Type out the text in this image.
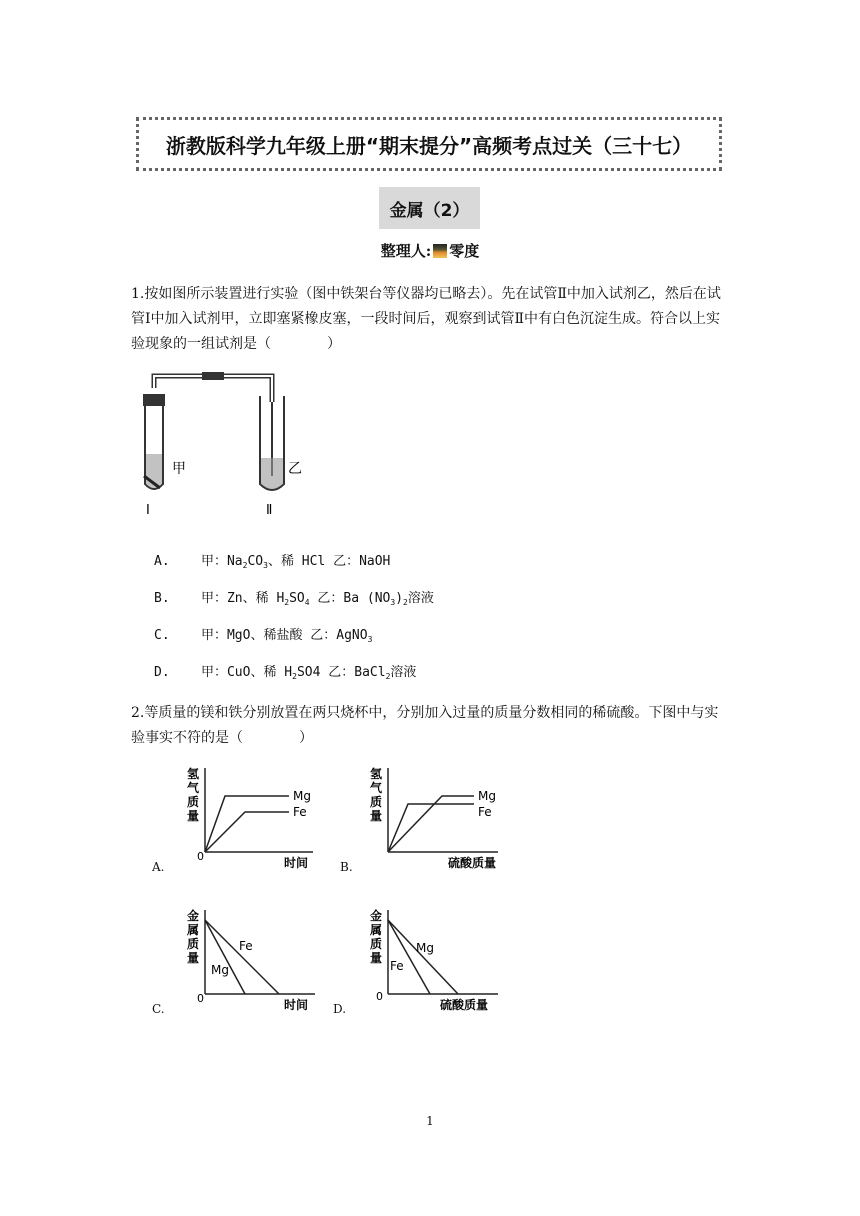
浙教版科学九年级上册“期末提分”高频考点过关（三十七）
金属（2）
整理人: 零度
1.按如图所示装置进行实验（图中铁架台等仪器均已略去）。先在试管Ⅱ中加入试剂乙，然后在试管Ⅰ中加入试剂甲，立即塞紧橡皮塞，一段时间后，观察到试管Ⅱ中有白色沉淀生成。符合以上实验现象的一组试剂是（　　　　）
甲	乙
Ⅰ	Ⅱ
A.    甲：$Na_2CO_3$、稀 HCl 乙：NaOH
B.    甲：Zn、稀 $H_2SO_4$ 乙：Ba $(NO_3)_2$溶液
C.    甲：MgO、稀盐酸 乙：AgNO$_3$
D.    甲：CuO、稀 $H_2SO4$ 乙：BaCl$_2$溶液
2.等质量的镁和铁分别放置在两只烧杯中，分别加入过量的质量分数相同的稀硫酸。下图中与实验事实不符的是（　　　　）
A.
氢
气
质
量
0
Mg
Fe
时间	B.
氢
气
质
量
Mg
Fe
硫酸质量
C.
金
属
质
量
0
Fe
Mg
时间 D.
金
属
质
量
0
Mg
Fe
硫酸质量
1
